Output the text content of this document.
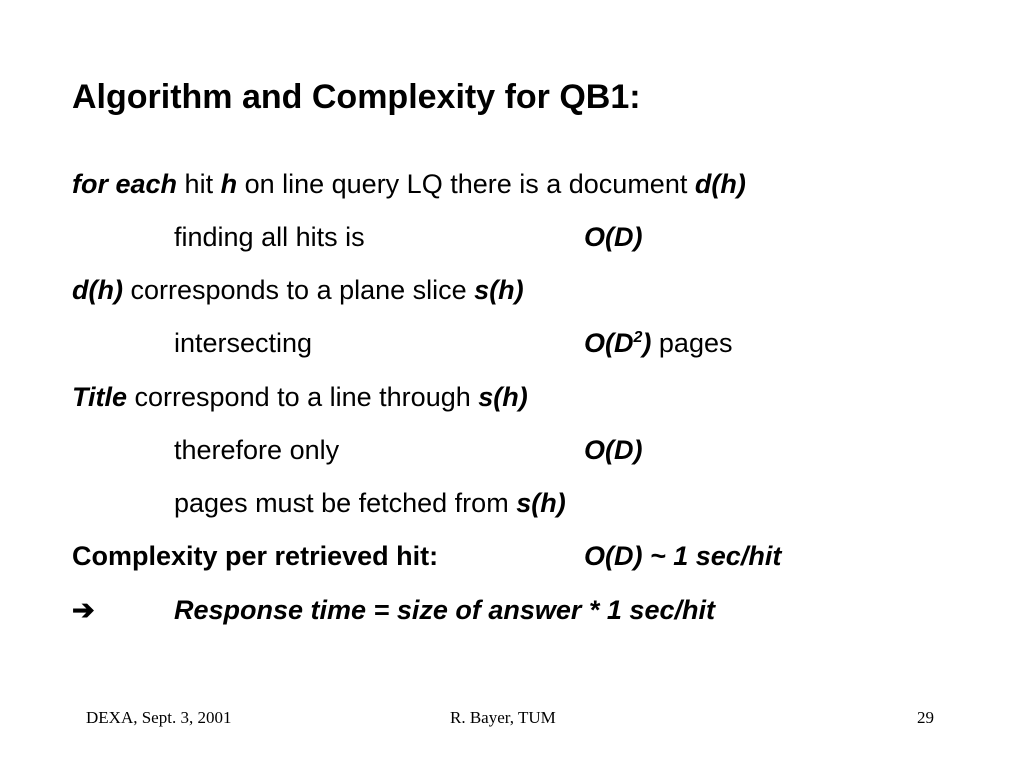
Algorithm and Complexity for QB1:
for each hit h on line query LQ there is a document d(h)
finding all hits is	O(D)
d(h) corresponds to a plane slice s(h)
intersecting	$O(D^2)$ pages
Title correspond to a line through s(h)
therefore only	O(D)
pages must be fetched from s(h)
Complexity per retrieved hit:	O(D) ~ 1 sec/hit
➔	Response time = size of answer * 1 sec/hit
DEXA, Sept. 3, 2001	R. Bayer, TUM	29
